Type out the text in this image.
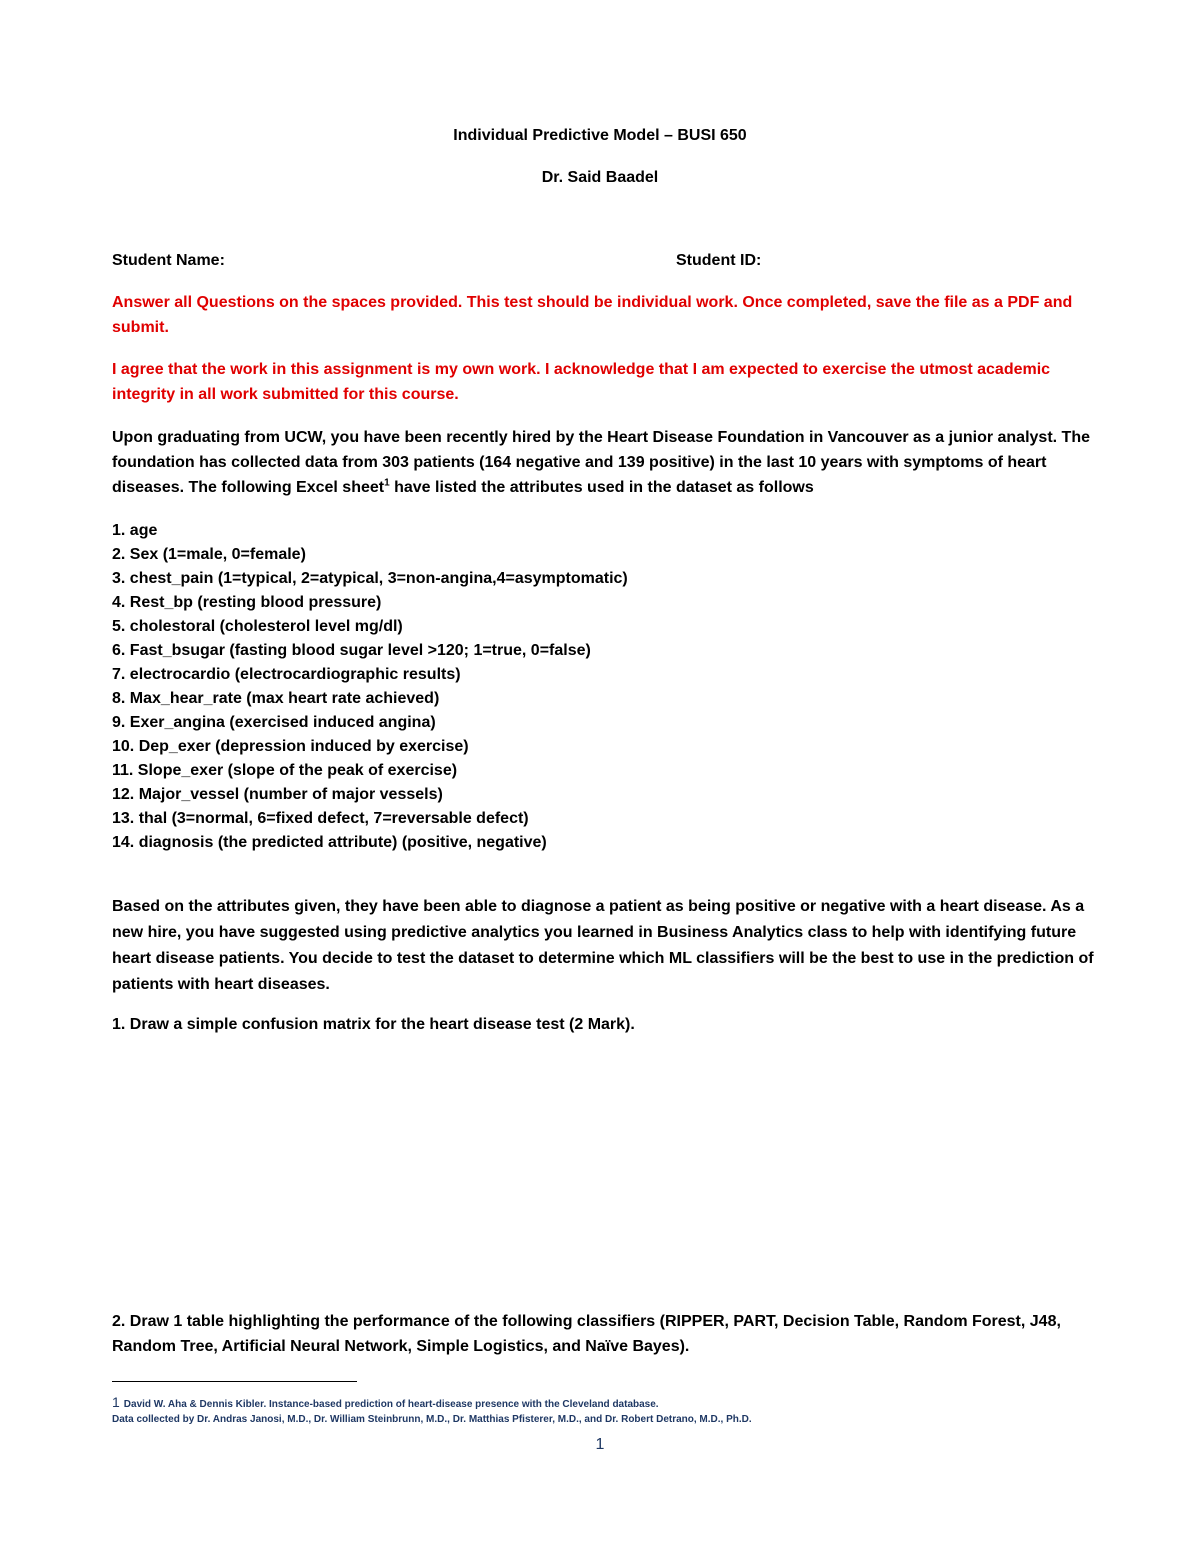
Individual Predictive Model – BUSI 650
Dr. Said Baadel
Student Name:	Student ID:
Answer all Questions on the spaces provided. This test should be individual work. Once completed, save the file as a PDF and submit.
I agree that the work in this assignment is my own work. I acknowledge that I am expected to exercise the utmost academic integrity in all work submitted for this course.
Upon graduating from UCW, you have been recently hired by the Heart Disease Foundation in Vancouver as a junior analyst. The foundation has collected data from 303 patients (164 negative and 139 positive) in the last 10 years with symptoms of heart diseases. The following Excel sheet$^1$ have listed the attributes used in the dataset as follows
1. age
2. Sex (1=male, 0=female)
3. chest_pain (1=typical, 2=atypical, 3=non-angina,4=asymptomatic)
4. Rest_bp (resting blood pressure)
5. cholestoral (cholesterol level mg/dl)
6. Fast_bsugar (fasting blood sugar level >120; 1=true, 0=false)
7. electrocardio (electrocardiographic results)
8. Max_hear_rate (max heart rate achieved)
9. Exer_angina (exercised induced angina)
10. Dep_exer (depression induced by exercise)
11. Slope_exer (slope of the peak of exercise)
12. Major_vessel (number of major vessels)
13. thal (3=normal, 6=fixed defect, 7=reversable defect)
14. diagnosis (the predicted attribute) (positive, negative)
Based on the attributes given, they have been able to diagnose a patient as being positive or negative with a heart disease. As a new hire, you have suggested using predictive analytics you learned in Business Analytics class to help with identifying future heart disease patients. You decide to test the dataset to determine which ML classifiers will be the best to use in the prediction of patients with heart diseases.
1. Draw a simple confusion matrix for the heart disease test (2 Mark).
2. Draw 1 table highlighting the performance of the following classifiers (RIPPER, PART, Decision Table, Random Forest, J48, Random Tree, Artificial Neural Network, Simple Logistics, and Naïve Bayes).
1 David W. Aha & Dennis Kibler. Instance-based prediction of heart-disease presence with the Cleveland database.
Data collected by Dr. Andras Janosi, M.D., Dr. William Steinbrunn, M.D., Dr. Matthias Pfisterer, M.D., and Dr. Robert Detrano, M.D., Ph.D.
1
